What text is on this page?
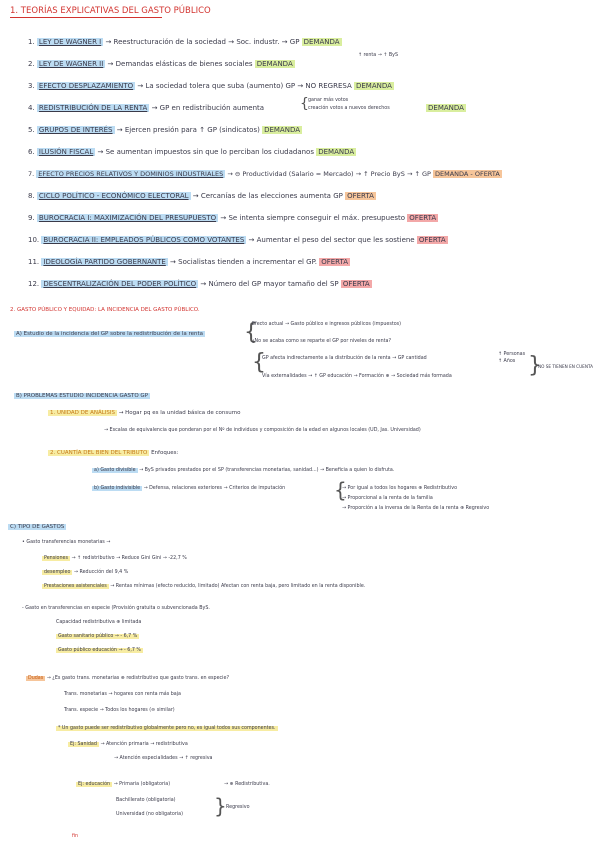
1. TEORÍAS EXPLICATIVAS DEL GASTO PÚBLICO
1. LEY DE WAGNER I → Reestructuración de la sociedad → Soc. industr. → GP DEMANDA
↑ renta → ↑ ByS
2. LEY DE WAGNER II → Demandas elásticas de bienes sociales DEMANDA
3. EFECTO DESPLAZAMIENTO → La sociedad tolera que suba (aumento) GP → NO REGRESA DEMANDA
4. REDISTRIBUCIÓN DE LA RENTA → GP en redistribución aumenta	{ ganar más votos
creación votos a nuevos derechos	DEMANDA
5. GRUPOS DE INTERÉS → Ejercen presión para ↑ GP (sindicatos) DEMANDA
6. ILUSIÓN FISCAL → Se aumentan impuestos sin que lo perciban los ciudadanos DEMANDA
7. EFECTO PRECIOS RELATIVOS Y DOMINIOS INDUSTRIALES → ⊖ Productividad (Salario = Mercado) → ↑ Precio ByS → ↑ GP DEMANDA - OFERTA
8. CICLO POLÍTICO - ECONÓMICO ELECTORAL → Cercanías de las elecciones aumenta GP OFERTA
9. BUROCRACIA I: MAXIMIZACIÓN DEL PRESUPUESTO → Se intenta siempre conseguir el máx. presupuesto OFERTA
10. BUROCRACIA II: EMPLEADOS PÚBLICOS COMO VOTANTES → Aumentar el peso del sector que les sostiene OFERTA
11. IDEOLOGÍA PARTIDO GOBERNANTE → Socialistas tienden a incrementar el GP. OFERTA
12. DESCENTRALIZACIÓN DEL PODER POLÍTICO → Número del GP mayor tamaño del SP OFERTA
2. GASTO PÚBLICO Y EQUIDAD: LA INCIDENCIA DEL GASTO PÚBLICO.
A) Estudio de la incidencia del GP sobre la redistribución de la renta {
Efecto actual → Gasto público e ingresos públicos (impuestos)
¿No se acaba como se reparte el GP por niveles de renta?
{
GP afecta indirectamente a la distribución de la renta → GP cantidad
↑ Personas
↑ Años
Vía externalidades → ↑ GP educación → Formación ⊕ → Sociedad más formada	}
NO SE TIENEN EN CUENTA
B) PROBLEMAS ESTUDIO INCIDENCIA GASTO GP
1. UNIDAD DE ANÁLISIS → Hogar pq es la unidad básica de consumo
→ Escalas de equivalencia que ponderan por el Nº de individuos y composición de la edad en algunos locales (UD, Jas. Universidad)
2. CUANTÍA DEL BIEN DEL TRIBUTO Enfoques:
a) Gasto divisible → ByS privados prestados por el SP (transferencias monetarias, sanidad...) → Beneficia a quien lo disfruta.
b) Gasto indivisible → Defensa, relaciones exteriores → Criterios de imputación {
→ Por igual a todos los hogares ⊕ Redistributivo
→ Proporcional a la renta de la familia
→ Proporción a la inversa de la Renta de la renta ⊕ Regresivo
C) TIPO DE GASTOS
• Gasto transferencias monetarias →
Pensiones → ↑ redistributivo → Reduce Gini Gini → -22,7 %
desempleo → Reducción del 9,4 %
Prestaciones asistenciales → Rentas mínimas (efecto reducido, limitado) Afectan con renta baja, pero limitado en la renta disponible.
- Gasto en transferencias en especie (Provisión gratuita o subvencionada ByS.
Capacidad redistributiva ⊕ limitada
Gasto sanitario público → - 6,7 %
Gasto público educación → - 6,7 %
Dudas → ¿Es gasto trans. monetarias ⊕ redistributivo que gasto trans. en especie?
Trans. monetarias → hogares con renta más baja
Trans. especie → Todos los hogares (⊖ similar)
* Un gasto puede ser redistributivo globalmente pero no, es igual todos sus componentes.
Ej: Sanidad → Atención primaria → redistributiva
→ Atención especialidades → ↑ regresiva
Ej: educación → Primaria (obligatoria)	→ ⊕ Redistributiva.
Bachillerato (obligatoria)
Universidad (no obligatoria) } Regresivo
fin
